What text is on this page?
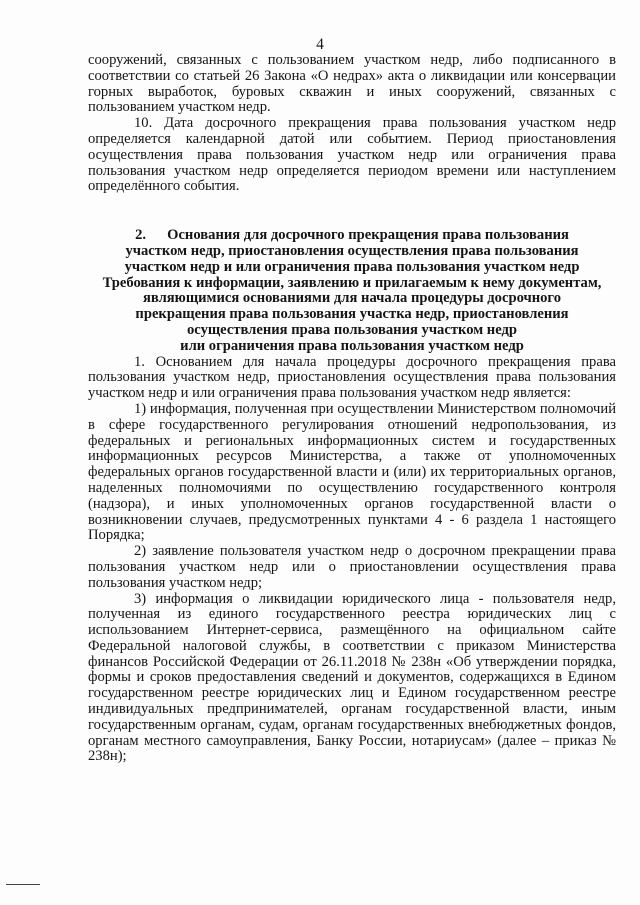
4

сооружений, связанных с пользованием участком недр, либо подписанного в соответствии со статьей 26 Закона «О недрах» акта о ликвидации или консервации горных выработок, буровых скважин и иных сооружений, связанных с пользованием участком недр.

10. Дата досрочного прекращения права пользования участком недр определяется календарной датой или событием. Период приостановления осуществления права пользования участком недр или ограничения права пользования участком недр определяется периодом времени или наступлением определённого события.

2. Основания для досрочного прекращения права пользования
участком недр, приостановления осуществления права пользования
участком недр и или ограничения права пользования участком недр
Требования к информации, заявлению и прилагаемым к нему документам,
являющимися основаниями для начала процедуры досрочного
прекращения права пользования участка недр, приостановления
осуществления права пользования участком недр
или ограничения права пользования участком недр

1. Основанием для начала процедуры досрочного прекращения права пользования участком недр, приостановления осуществления права пользования участком недр и или ограничения права пользования участком недр является:

1) информация, полученная при осуществлении Министерством полномочий в сфере государственного регулирования отношений недропользования, из федеральных и региональных информационных систем и государственных информационных ресурсов Министерства, а также от уполномоченных федеральных органов государственной власти и (или) их территориальных органов, наделенных полномочиями по осуществлению государственного контроля (надзора), и иных уполномоченных органов государственной власти о возникновении случаев, предусмотренных пунктами 4 - 6 раздела 1 настоящего Порядка;

2) заявление пользователя участком недр о досрочном прекращении права пользования участком недр или о приостановлении осуществления права пользования участком недр;

3) информация о ликвидации юридического лица - пользователя недр, полученная из единого государственного реестра юридических лиц с использованием Интернет-сервиса, размещённого на официальном сайте Федеральной налоговой службы, в соответствии с приказом Министерства финансов Российской Федерации от 26.11.2018 № 238н «Об утверждении порядка, формы и сроков предоставления сведений и документов, содержащихся в Едином государственном реестре юридических лиц и Едином государственном реестре индивидуальных предпринимателей, органам государственной власти, иным государственным органам, судам, органам государственных внебюджетных фондов, органам местного самоуправления, Банку России, нотариусам» (далее – приказ № 238н);
